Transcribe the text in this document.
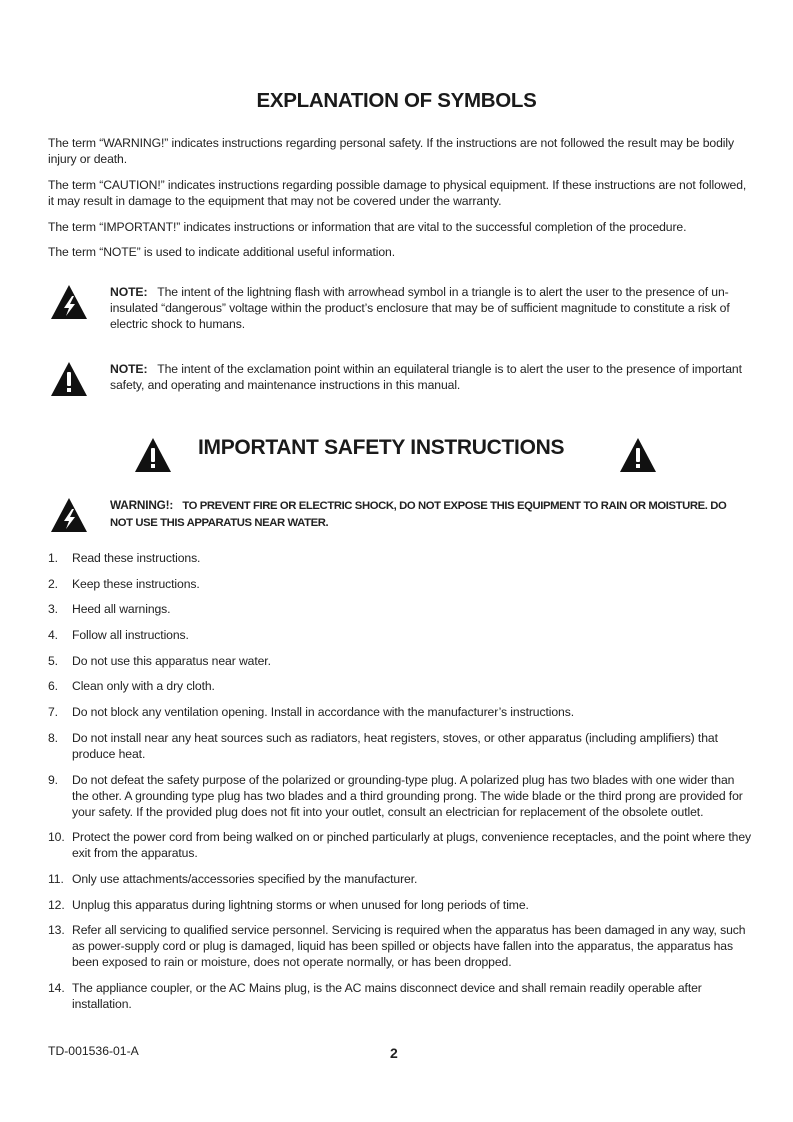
EXPLANATION OF SYMBOLS

The term “WARNING!” indicates instructions regarding personal safety. If the instructions are not followed the result may be bodily injury or death.

The term “CAUTION!” indicates instructions regarding possible damage to physical equipment. If these instructions are not followed, it may result in damage to the equipment that may not be covered under the warranty.

The term “IMPORTANT!” indicates instructions or information that are vital to the successful completion of the procedure.

The term “NOTE” is used to indicate additional useful information.

NOTE: The intent of the lightning flash with arrowhead symbol in a triangle is to alert the user to the presence of un-insulated “dangerous” voltage within the product’s enclosure that may be of sufficient magnitude to constitute a risk of electric shock to humans.
NOTE: The intent of the exclamation point within an equilateral triangle is to alert the user to the presence of important safety, and operating and maintenance instructions in this manual.
IMPORTANT SAFETY INSTRUCTIONS
WARNING!: TO PREVENT FIRE OR ELECTRIC SHOCK, DO NOT EXPOSE THIS EQUIPMENT TO RAIN OR MOISTURE. DO NOT USE THIS APPARATUS NEAR WATER.
1. Read these instructions.
2. Keep these instructions.
3. Heed all warnings.
4. Follow all instructions.
5. Do not use this apparatus near water.
6. Clean only with a dry cloth.
7. Do not block any ventilation opening. Install in accordance with the manufacturer’s instructions.
8. Do not install near any heat sources such as radiators, heat registers, stoves, or other apparatus (including amplifiers) that produce heat.
9. Do not defeat the safety purpose of the polarized or grounding-type plug. A polarized plug has two blades with one wider than the other. A grounding type plug has two blades and a third grounding prong. The wide blade or the third prong are provided for your safety. If the provided plug does not fit into your outlet, consult an electrician for replacement of the obsolete outlet.
10. Protect the power cord from being walked on or pinched particularly at plugs, convenience receptacles, and the point where they exit from the apparatus.
11. Only use attachments/accessories specified by the manufacturer.
12. Unplug this apparatus during lightning storms or when unused for long periods of time.
13. Refer all servicing to qualified service personnel. Servicing is required when the apparatus has been damaged in any way, such as power-supply cord or plug is damaged, liquid has been spilled or objects have fallen into the apparatus, the apparatus has been exposed to rain or moisture, does not operate normally, or has been dropped.
14. The appliance coupler, or the AC Mains plug, is the AC mains disconnect device and shall remain readily operable after installation.
TD-001536-01-A	2
